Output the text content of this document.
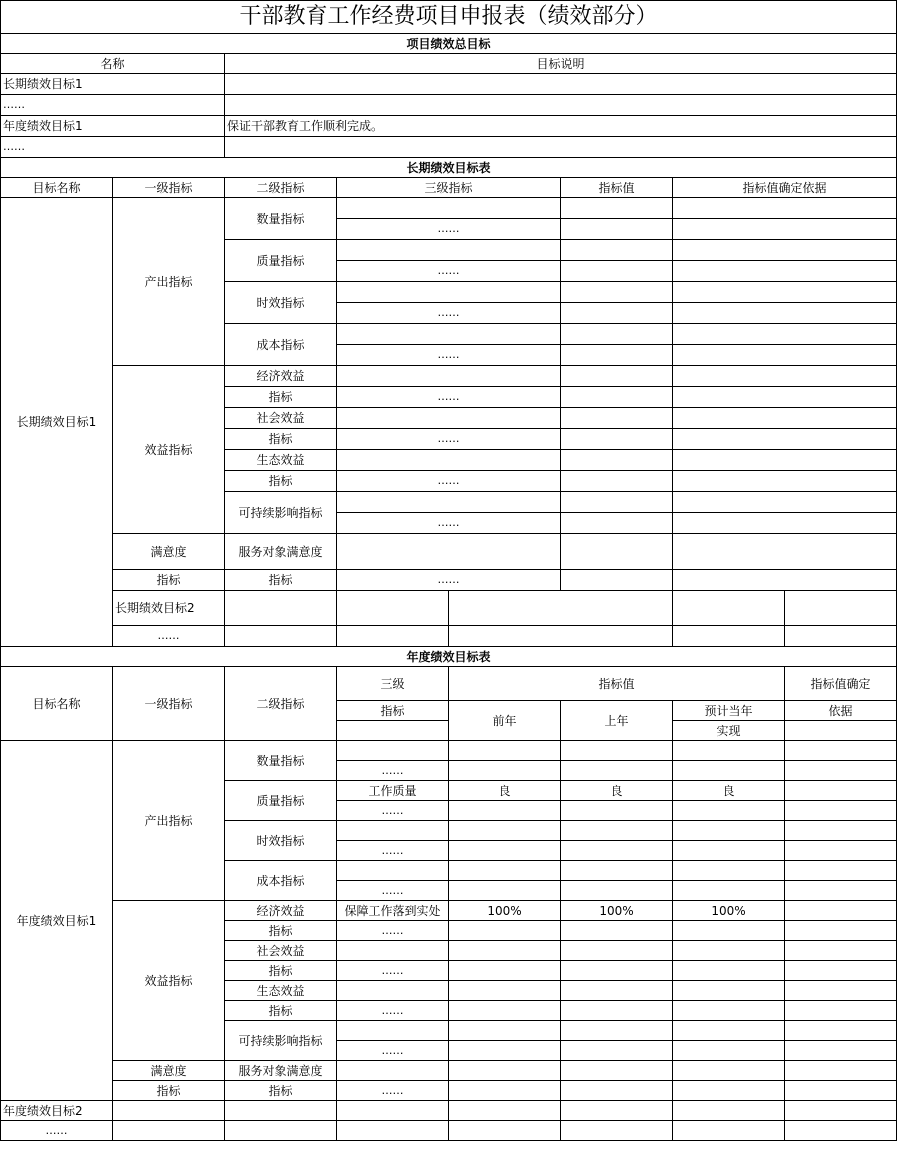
干部教育工作经费项目申报表（绩效部分）							
项目绩效总目标							
名称		目标说明					
长期绩效目标1							
……							
年度绩效目标1		保证干部教育工作顺利完成。					
……							
长期绩效目标表							
目标名称	一级指标	二级指标	三级指标		指标值	指标值确定依据	
长期绩效目标1	产出指标	数量指标					
			……				
		质量指标					
			……				
		时效指标					
			……				
		成本指标					
			……				
	效益指标	经济效益					
		指标	……				
		社会效益					
		指标	……				
		生态效益					
		指标	……				
		可持续影响指标					
			……				
	满意度	服务对象满意度					
	指标	指标	……				
	长期绩效目标2						
	……						
年度绩效目标表							
目标名称	一级指标	二级指标	三级	指标值			指标值确定
			指标	前年	上年	预计当年	依据
						实现	
年度绩效目标1	产出指标	数量指标					
			……				
		质量指标	工作质量	良	良	良	
			……				
		时效指标					
			……				
		成本指标					
			……				
	效益指标	经济效益	保障工作落到实处	100%	100%	100%	
		指标	……				
		社会效益					
		指标	……				
		生态效益					
		指标	……				
		可持续影响指标					
			……				
	满意度	服务对象满意度					
	指标	指标	……				
年度绩效目标2							
……							
